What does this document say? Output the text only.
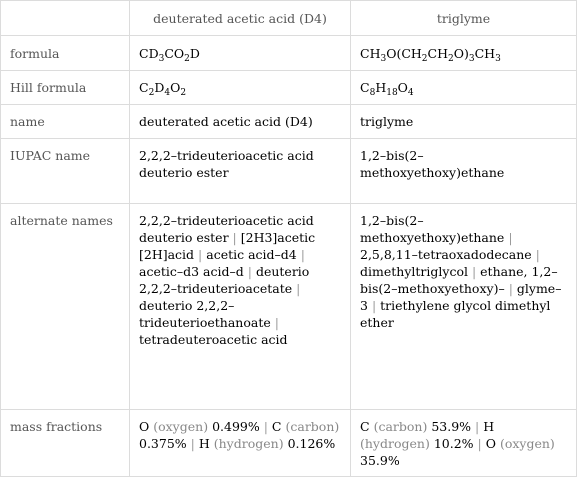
	deuterated acetic acid (D4)	triglyme
formula	$CD_3CO_2D$	$CH_3O(CH_2CH_2O)_3CH_3$
Hill formula	$C_2D_4O_2$	$C_8H_{18}O_4$
name	deuterated acetic acid (D4)	triglyme
IUPAC name	2,2,2–trideuterioacetic acid deuterio ester	1,2–bis(2–methoxyethoxy)ethane
alternate names	2,2,2–trideuterioacetic acid deuterio ester | [2H3]acetic [2H]acid | acetic acid–d4 | acetic–d3 acid–d | deuterio 2,2,2–trideuterioacetate | deuterio 2,2,2–trideuterioethanoate | tetradeuteroacetic acid	1,2–bis(2–methoxyethoxy)ethane | 2,5,8,11–tetraoxadodecane | dimethyltriglycol | ethane, 1,2–bis(2–methoxyethoxy)– | glyme–3 | triethylene glycol dimethyl ether
mass fractions	O (oxygen) 0.499% | C (carbon) 0.375% | H (hydrogen) 0.126%	C (carbon) 53.9% | H (hydrogen) 10.2% | O (oxygen) 35.9%
